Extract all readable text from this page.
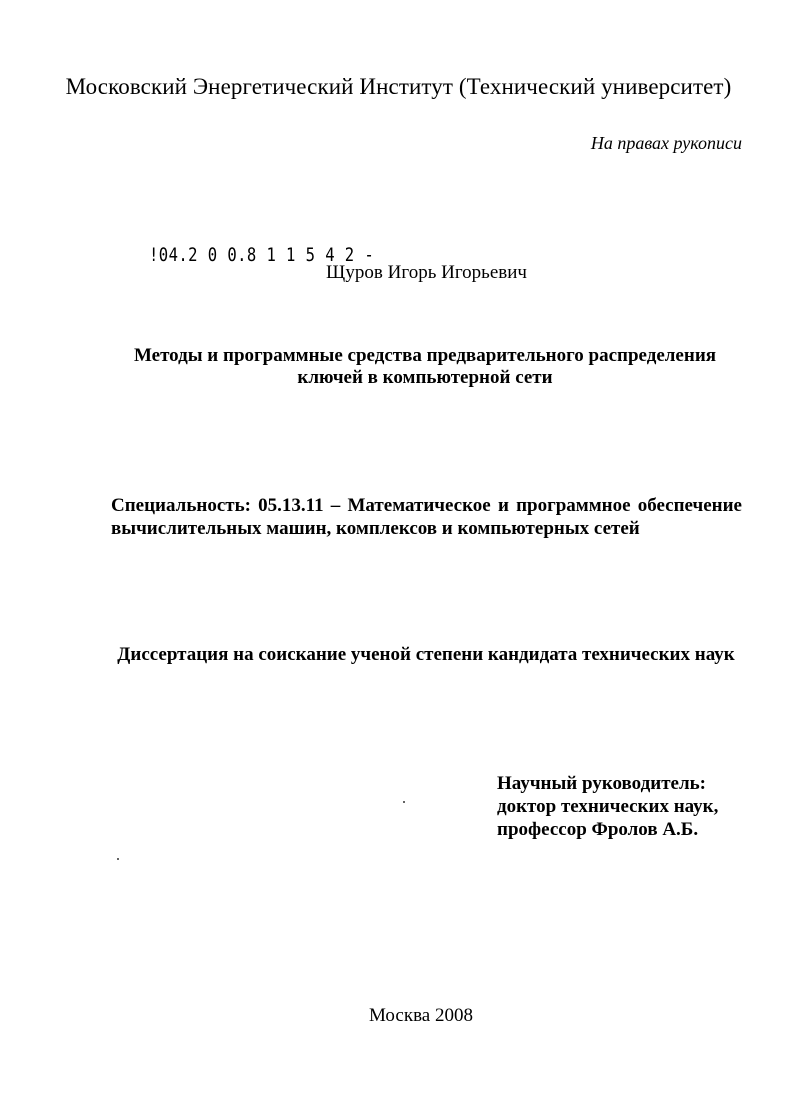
Московский Энергетический Институт (Технический университет)
На правах рукописи
!04.2 0 0.8 1 1 5 4 2 -
Щуров Игорь Игорьевич
Методы и программные средства предварительного распределения
ключей в компьютерной сети
Специальность: 05.13.11 – Математическое и программное обеспечение
вычислительных машин, комплексов и компьютерных сетей
Диссертация на соискание ученой степени кандидата технических наук
Научный руководитель:
доктор технических наук,
профессор Фролов А.Б.
Москва 2008
